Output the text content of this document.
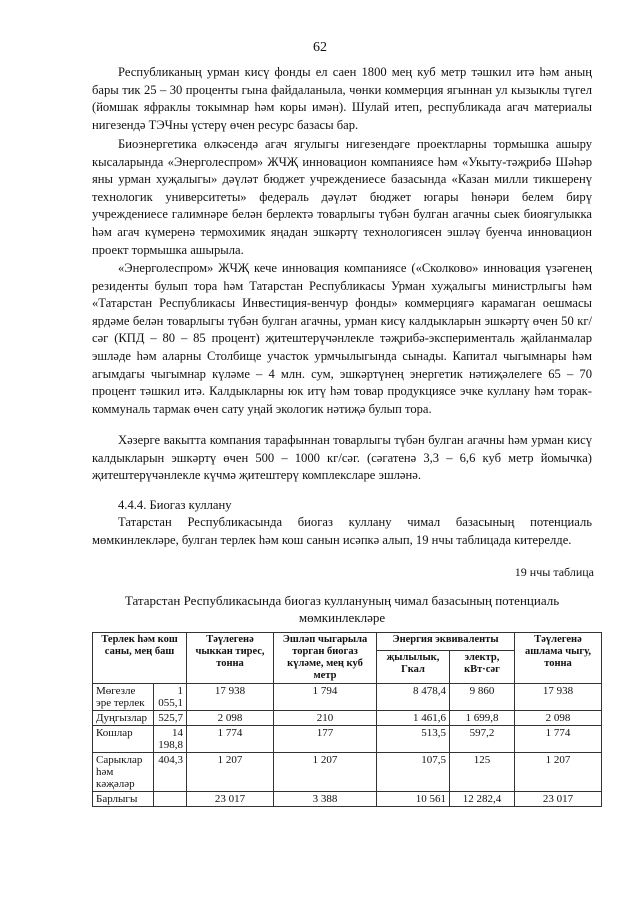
62

Республиканың урман кисү фонды ел саен 1800 мең куб метр тәшкил итә һәм аның бары тик 25 – 30 проценты гына файдаланыла, чөнки коммерция ягыннан ул кызыклы түгел (йомшак яфраклы токымнар һәм коры имән). Шулай итеп, республикада агач материалы нигезендә ТЭЧны үстерү өчен ресурс базасы бар.

Биоэнергетика өлкәсендә агач ягулыгы нигезендәге проектларны тормышка ашыру кысаларында «Энерголеспром» ЖЧҖ инновацион компаниясе һәм «Укыту-тәҗрибә Шәһәр яны урман хуҗалыгы» дәүләт бюджет учреждениесе базасында «Казан милли тикшеренү технологик университеты» федераль дәүләт бюджет югары һөнәри белем бирү учреждениесе галимнәре белән берлектә товарлыгы түбән булган агачны сыек биоягулыкка һәм агач күмеренә термохимик яңадан эшкәртү технологиясен эшләү буенча инновацион проект тормышка ашырыла.

«Энерголеспром» ЖЧҖ кече инновация компаниясе («Сколково» инновация үзәгенең резиденты булып тора һәм Татарстан Республикасы Урман хуҗалыгы министрлыгы һәм «Татарстан Республикасы Инвестиция-венчур фонды» коммерциягә карамаган оешмасы ярдәме белән товарлыгы түбән булган агачны, урман кисү калдыкларын эшкәртү өчен 50 кг/сәг (КПД – 80 – 85 процент) җитештерүчәнлекле тәҗрибә-эксперименталь җайланмалар эшләде һәм аларны Столбище участок урмчылыгында сынады. Капитал чыгымнары һәм агымдагы чыгымнар күләме – 4 млн. сум, эшкәртүнең энергетик нәтиҗәлелеге 65 – 70 процент тәшкил итә. Калдыкларны юк итү һәм товар продукциясе эчке куллану һәм торак-коммуналь тармак өчен сату уңай экологик нәтиҗә булып тора.

Хәзерге вакытта компания тарафыннан товарлыгы түбән булган агачны һәм урман кисү калдыкларын эшкәртү өчен 500 – 1000 кг/сәг. (сәгатенә 3,3 – 6,6 куб метр йомычка) җитештерүчәнлекле күчмә җитештерү комплексларе эшләнә.

4.4.4. Биогаз куллану

Татарстан Республикасында биогаз куллану чимал базасының потенциаль мөмкинлекләре, булган терлек һәм кош санын исәпкә алып, 19 нчы таблицада китерелде.

19 нчы таблица
Татарстан Республикасында биогаз куллануның чимал базасының потенциаль мөмкинлекләре
Терлек һәм кош саны, мең баш		Тәүлегенә чыккан тирес, тонна	Эшләп чыгарыла торган биогаз күләме, мең куб метр	Энергия эквиваленты		Тәүлегенә ашлама чыгу, тонна
				җылылык, Гкал	электр, кВт·сәг	
Мөгезле эре терлек	1 055,1	17 938	1 794	8 478,4	9 860	17 938
Дуңгызлар	525,7	2 098	210	1 461,6	1 699,8	2 098
Кошлар	14 198,8	1 774	177	513,5	597,2	1 774
Сарыклар һәм кәҗәләр	404,3	1 207	1 207	107,5	125	1 207
Барлыгы		23 017	3 388	10 561	12 282,4	23 017
